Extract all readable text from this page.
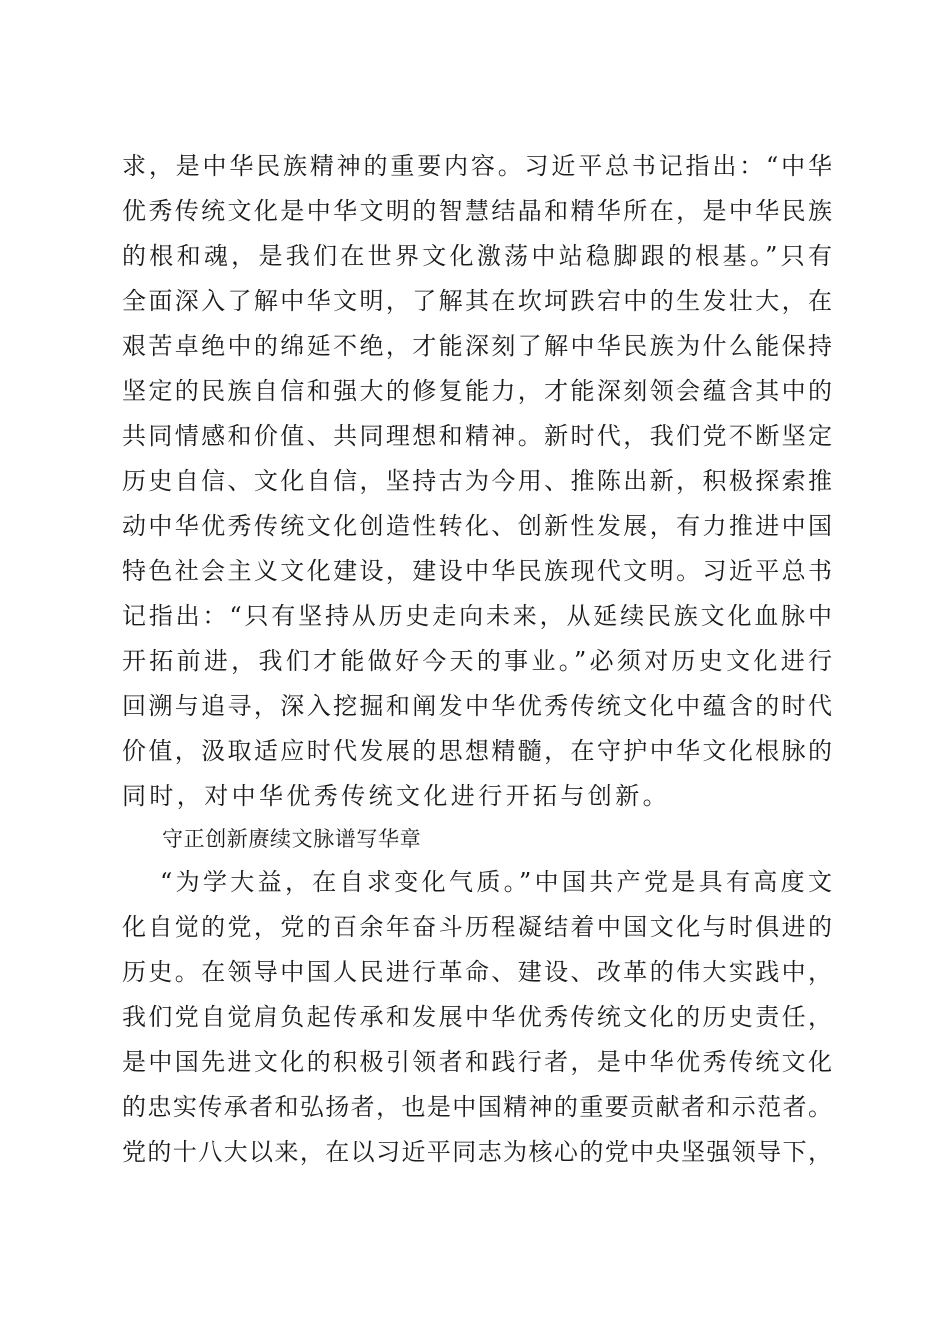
求，是中华民族精神的重要内容。习近平总书记指出：“中华
优秀传统文化是中华文明的智慧结晶和精华所在，是中华民族
的根和魂，是我们在世界文化激荡中站稳脚跟的根基。”只有
全面深入了解中华文明，了解其在坎坷跌宕中的生发壮大，在
艰苦卓绝中的绵延不绝，才能深刻了解中华民族为什么能保持
坚定的民族自信和强大的修复能力，才能深刻领会蕴含其中的
共同情感和价值、共同理想和精神。新时代，我们党不断坚定
历史自信、文化自信，坚持古为今用、推陈出新，积极探索推
动中华优秀传统文化创造性转化、创新性发展，有力推进中国
特色社会主义文化建设，建设中华民族现代文明。习近平总书
记指出：“只有坚持从历史走向未来，从延续民族文化血脉中
开拓前进，我们才能做好今天的事业。”必须对历史文化进行
回溯与追寻，深入挖掘和阐发中华优秀传统文化中蕴含的时代
价值，汲取适应时代发展的思想精髓，在守护中华文化根脉的
同时，对中华优秀传统文化进行开拓与创新。
守正创新赓续文脉谱写华章
“为学大益，在自求变化气质。”中国共产党是具有高度文
化自觉的党，党的百余年奋斗历程凝结着中国文化与时俱进的
历史。在领导中国人民进行革命、建设、改革的伟大实践中，
我们党自觉肩负起传承和发展中华优秀传统文化的历史责任，
是中国先进文化的积极引领者和践行者，是中华优秀传统文化
的忠实传承者和弘扬者，也是中国精神的重要贡献者和示范者。
党的十八大以来，在以习近平同志为核心的党中央坚强领导下，
